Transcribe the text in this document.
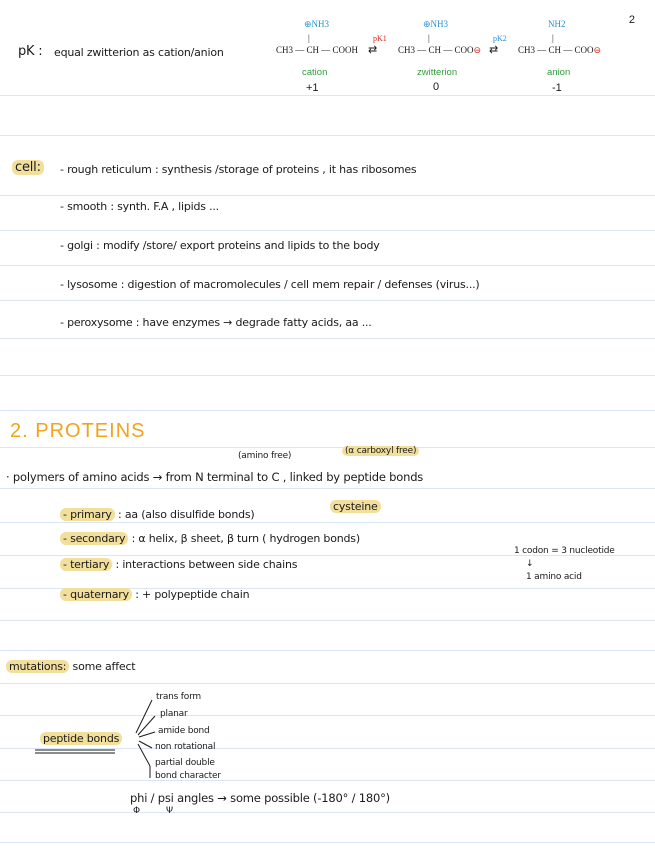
2
pK : equal zwitterion as cation/anion
⊕NH3
|
CH3 — CH — COOH
pK1
⇄
⊕NH3
|
CH3 — CH — COO⊖
pK2
⇄
NH2
|
CH3 — CH — COO⊖
cation	zwitterion	anion
+1	0	-1
cell: - rough reticulum : synthesis /storage of proteins , it has ribosomes
- smooth : synth. F.A , lipids ...
- golgi : modify /store/ export proteins and lipids to the body
- lysosome : digestion of macromolecules / cell mem repair / defenses (virus...)
- peroxysome : have enzymes → degrade fatty acids, aa ...
2. PROTEINS
(amino free)	(α carboxyl free)
· polymers of amino acids → from N terminal to C , linked by peptide bonds
- primary : aa (also disulfide bonds)
cysteine
- secondary : α helix, β sheet, β turn ( hydrogen bonds)
- tertiary : interactions between side chains
- quaternary : + polypeptide chain
1 codon = 3 nucleotide
↓
1 amino acid
mutations: some affect
peptide bonds
trans form
planar
amide bond
non rotational
partial double
bond character
phi / psi angles → some possible (-180° / 180°)
Φ	Ψ
